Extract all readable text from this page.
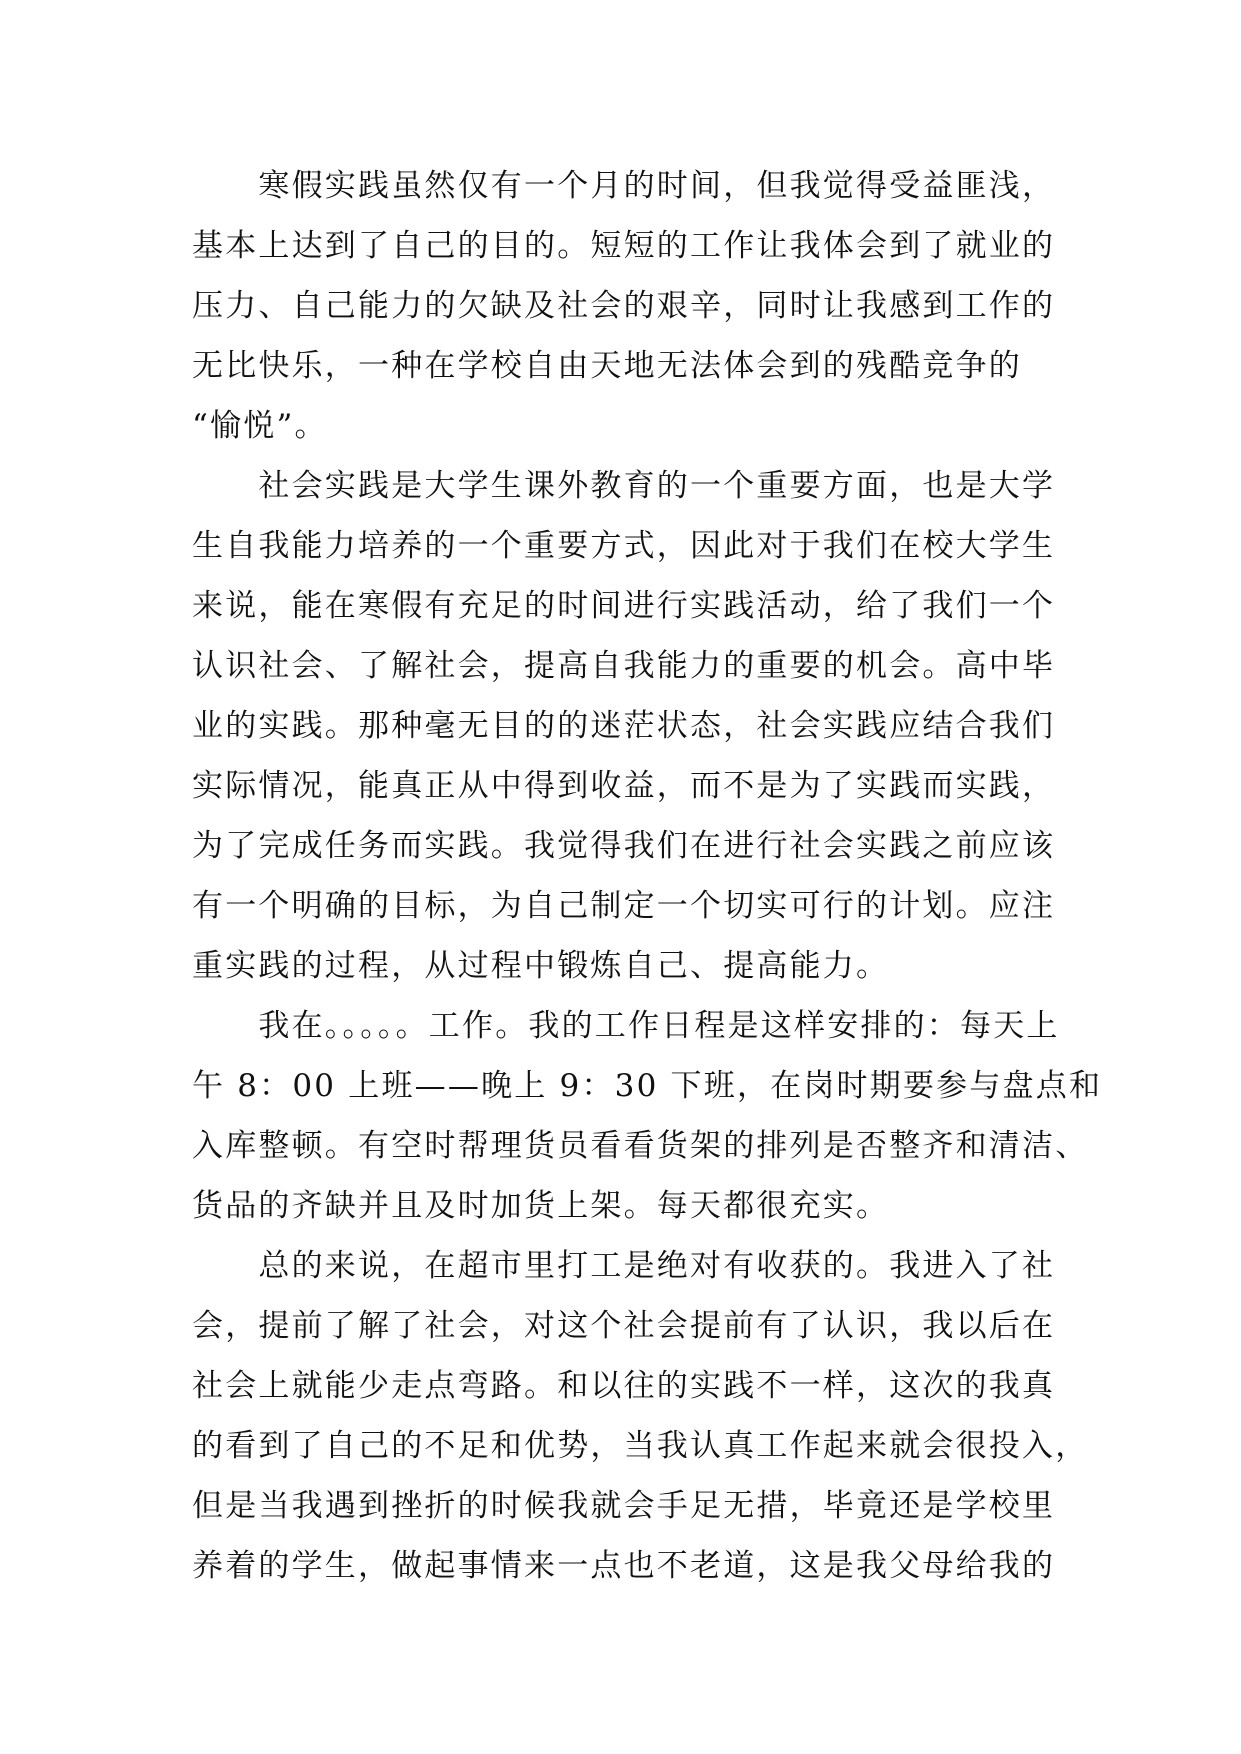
　　寒假实践虽然仅有一个月的时间，但我觉得受益匪浅，
基本上达到了自己的目的。短短的工作让我体会到了就业的
压力、自己能力的欠缺及社会的艰辛，同时让我感到工作的
无比快乐，一种在学校自由天地无法体会到的残酷竞争的
“愉悦”。
　　社会实践是大学生课外教育的一个重要方面，也是大学
生自我能力培养的一个重要方式，因此对于我们在校大学生
来说，能在寒假有充足的时间进行实践活动，给了我们一个
认识社会、了解社会，提高自我能力的重要的机会。高中毕
业的实践。那种毫无目的的迷茫状态，社会实践应结合我们
实际情况，能真正从中得到收益，而不是为了实践而实践，
为了完成任务而实践。我觉得我们在进行社会实践之前应该
有一个明确的目标，为自己制定一个切实可行的计划。应注
重实践的过程，从过程中锻炼自己、提高能力。
　　我在。。。。。工作。我的工作日程是这样安排的：每天上
午 8：00 上班——晚上 9：30 下班，在岗时期要参与盘点和
入库整顿。有空时帮理货员看看货架的排列是否整齐和清洁、
货品的齐缺并且及时加货上架。每天都很充实。
　　总的来说，在超市里打工是绝对有收获的。我进入了社
会，提前了解了社会，对这个社会提前有了认识，我以后在
社会上就能少走点弯路。和以往的实践不一样，这次的我真
的看到了自己的不足和优势，当我认真工作起来就会很投入，
但是当我遇到挫折的时候我就会手足无措，毕竟还是学校里
养着的学生，做起事情来一点也不老道，这是我父母给我的
